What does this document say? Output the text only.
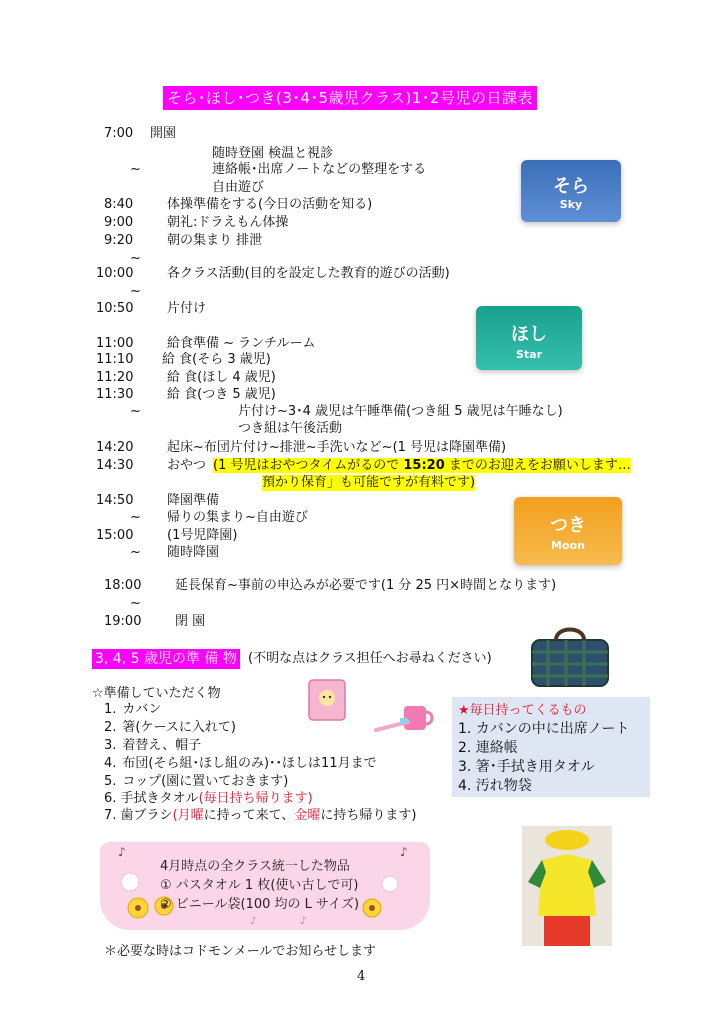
そら･ほし･つき(3･4･5歳児クラス)1･2号児の日課表
7:00 開園
随時登園 検温と視診
~	連絡帳･出席ノートなどの整理をする
自由遊び
8:40	体操準備をする(今日の活動を知る)
9:00	朝礼:ドラえもん体操
9:20	朝の集まり 排泄
~
10:00	各クラス活動(目的を設定した教育的遊びの活動)
~
10:50	片付け
11:00	給食準備 ~ ランチルーム
11:10 給 食(そら 3 歳児)
11:20	給 食(ほし 4 歳児)
11:30	給 食(つき 5 歳児)
~	片付け~3･4 歳児は午睡準備(つき組 5 歳児は午睡なし)
つき組は午後活動
14:20	起床~布団片付け~排泄~手洗いなど~(1 号児は降園準備)
14:30	おやつ
14:50	降園準備
~ 帰りの集まり~自由遊び
15:00	(1号児降園)
~ 随時降園
18:00	延長保育~事前の申込みが必要です(1 分 25 円×時間となります)
~
19:00	閉 園
(1 号児はおやつタイムがるので 15:20 までのお迎えをお願いします…
預かり保育」も可能ですが有料です)
そら
Sky
ほし
Star
つき
Moon
3, 4, 5 歳児の準 備 物 (不明な点はクラス担任へお尋ねください)
☆準備していただく物
1. カバン
2. 箸(ケースに入れて)
3. 着替え、帽子
4. 布団(そら組･ほし組のみ)･･ほしは11月まで
5. コップ(園に置いておきます)
6. 手拭きタオル(毎日持ち帰ります)
7. 歯ブラシ(月曜に持って来て、金曜に持ち帰ります)
★毎日持ってくるもの
1. カバンの中に出席ノート
2. 連絡帳
3. 箸･手拭き用タオル
4. 汚れ物袋
♪	♪
♪	♪
4月時点の全クラス統一した物品
① パスタオル 1 枚(使い古しで可)
② ビニール袋(100 均の L サイズ)
＊必要な時はコドモンメールでお知らせします
4
